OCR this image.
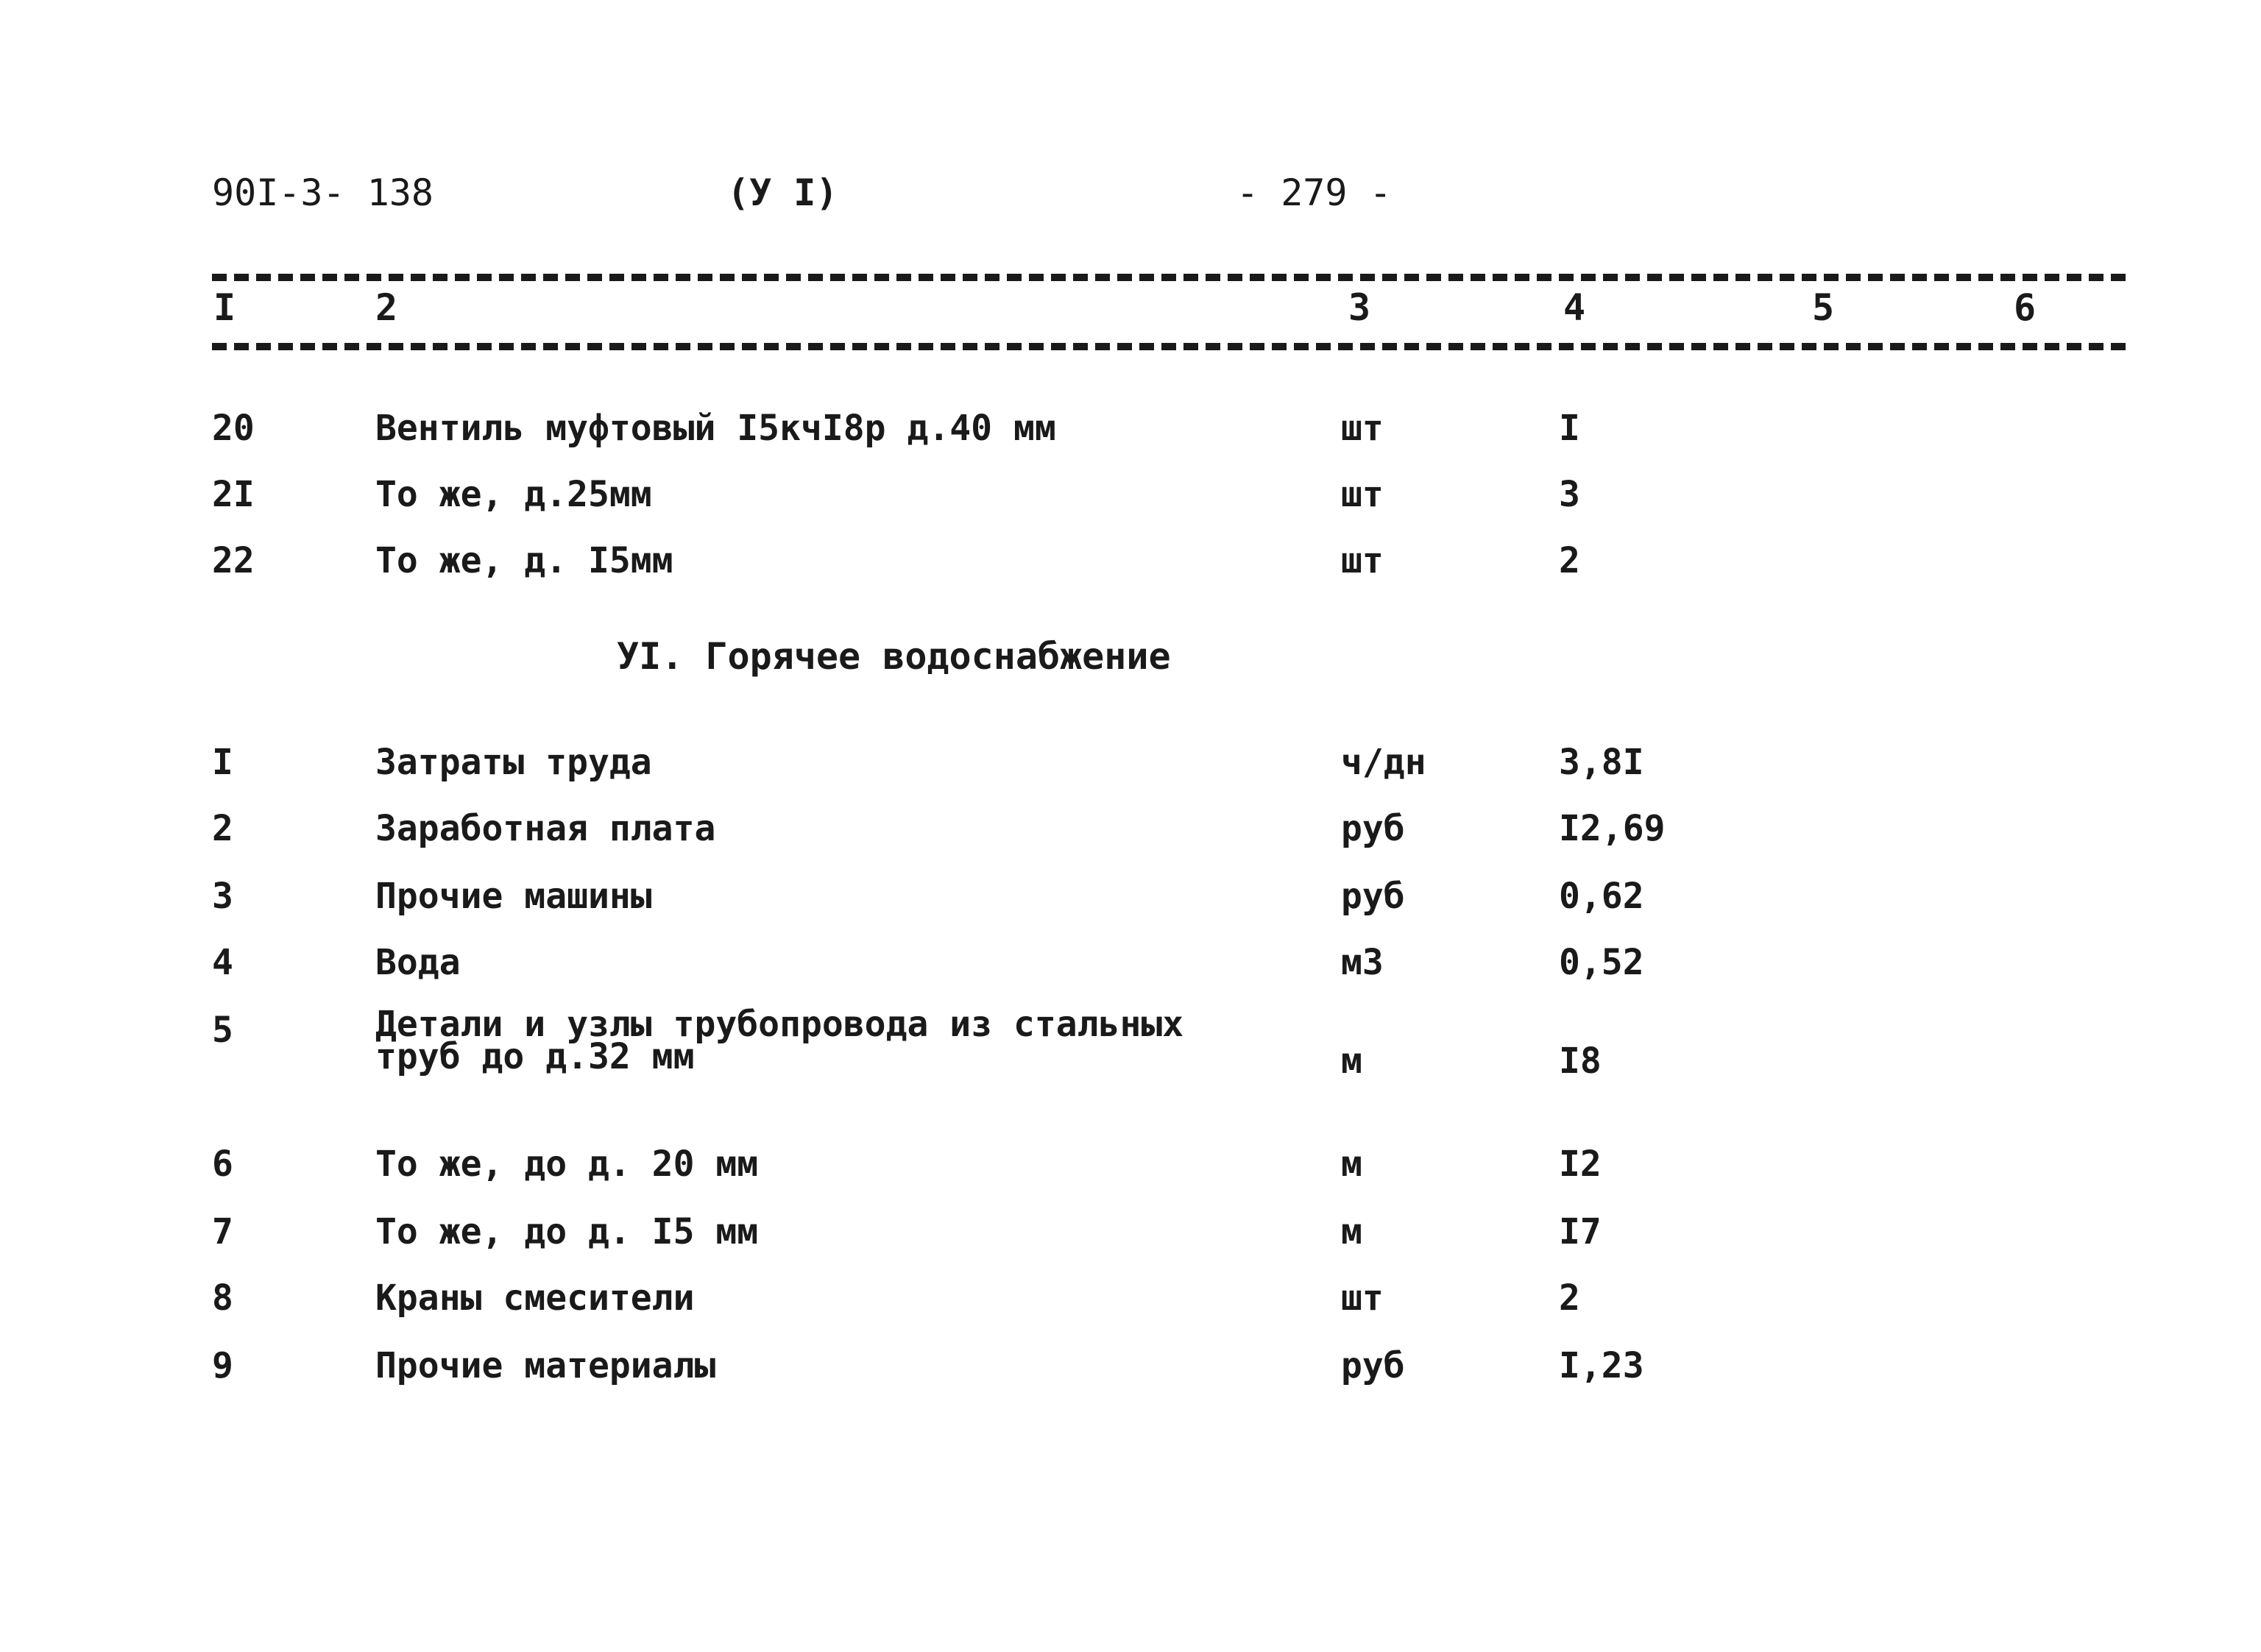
90I-3- 138	(У I)	- 279 -
I	2	3	4	5	6
20	Вентиль муфтовый I5кчI8р д.40 мм	шт	I
2I	То же, д.25мм	шт	3
22	То же, д. I5мм	шт	2
УI. Горячее водоснабжение
I	Затраты труда	ч/дн	3,8I
2	Заработная плата	руб	I2,69
3	Прочие машины	руб	0,62
4	Вода	м3	0,52
5	Детали и узлы трубопровода из стальных труб до д.32 мм	м	I8
6	То же, до д. 20 мм	м	I2
7	То же, до д. I5 мм	м	I7
8	Краны смесители	шт	2
9	Прочие материалы	руб	I,23
